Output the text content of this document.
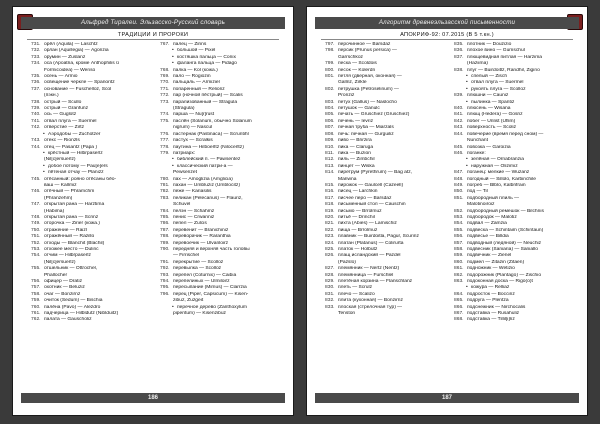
Альфред Тиралеи. Эльзасско-Русский словарь
ТРАДИЦИИ И ПРОРОКИ
731. орёл (Aquila) — Laschtz
732. орлан (Aquillegia) — Agonzia
733. орумин — Zuslanz
734. оса (Apoatria, кроме Anthophilis ü
Formicoidea) — Wenso
735. осень — Armio
736. освещение черкле — Spanoritz
737. основание — Fuschelloz, Scol
(пэкн.)
738. острый — Scullo
739. острый — Granfunz
740. ось — Guglotz
741. отвал плуга — Suermel
742. отверстие — Zirtz
• Аэродобы — Zuchotzer
743. отекс — Rionzls
744. отец — Pasantz (Papa )
• крёстный — Hilbrpaserlz
(Nil[c]ersuerlz)
• добое потому — Pau[e]ers
• пётеная отчау — Planizz
745. отёсанный: рояно отёсаны бёо-
ваш — Kallmiz
746. отёчный — Phramchm
(Phranzehm)
747. открытая рана — Harztima
(Habima)
748. открытая рана — Scrinz
749. оторочка — Zirier (кожа.)
750. отражение — Raizl
751. отражённый — Razillo
752. отходы — Blanchit (Blachil)
753. отхожее место — Dulinc
754. отчим — Hilbrpaserlz
(Nil[c]ersuerlz)
755. отшельник — Ottrochel,
Phallocher
756. офицер — Dratiz
757. охотник — Beluziz
758. очаг — Bonzirnz
759. очиток (Sedum) — Bischia
760. палёна (Pavo) — Alezdro
761. падчерица — Hilbldutz (Niblduitz)
762. палата — Gauscholiz
767. палец — Zirins
• большой — Pixel
• костяшка пальца — Conix
• фаланга пальца — Pidago
768. палка — Kol (кожа.)
769. пало — Rogiozin
770. пальцаль — Armiziel
771. попаренный — Relionz
772. пар (ночной пёстрый) — Scalis
773. парализованный — Stragula
(Stragula)
774. парша — Nu[r]rust
775. паслён (Solanum, обычно Solanum
nigrum) — Nascul
776. пастернак (Pastinaca) — Scruntihl
777. пастух — Scralkis
778. паутина — Hilboerltz (Nilocerltz)
779. патриарх:
• библейский п. — Pawsentez
• классический патри-а —
Pewsenzet
780. пах — Amoglizia (Amglicia)
781. пахан — Umbluziz (Umblocitz)
782. пеже — Kariasilis
783. пеликан (Pelecanus) — Flauriz,
Schuvel
784. пелэн — Schahmz
785. пенис — Crwanniz
786. пепел — Zulcis
787. перевенит — Branichiniz
788. переворачик — Raranthia
789. перевоечик — Ulvanloirz
790. передняя и верхняя часть головы
— Firrischel
791. перекрытие — Scolloz
792. перевылка — Scolloz
793. перепел (Coturnix) — Caibia
794. перепелиных — Ulmiloirz
795. пересыпание (Mimus) — Clarrzia
796. перец (Piper, Capsicum) — Kisen-
zibuz, Zuzgeit
• перечное дерево (Zanthoxylum
piperitum) — Kisenzibuz
186
Алгоритм древнеэльзасской письменности
АПОКРИФ-92: 07.2015 (В 5 т.кн.)
797. перочинное — Barsdaz
798. персик (Prunus persica) —
Garrschkoz
799. песка — Scoldois
800. песок — Kolerdn
801. петля (дверная, оконная) —
Gallnz, Zirkle
802. петрушка (Petroselinum) —
Pronziz
803. петух (Gallus) — Naslocho
804. петушок — Ganulc
805. печать — Gruschiez (Gruschiez)
806. печень — Ievriz
807. печная труба — Miarzals
808. печь: печная — Gurguiliz
809. пиво — Brirzira
810. пика — Claruga
811. пика — Buzion
812. пиль — Zimbchil
813. пинцет — Wiska
814. пиретрум (Pyrethrum) — Bag atz,
Mariwna
815. пирожок — Gaulcell (Cazeell)
816. писец — Larchkin
817. писчее перо — Barsdaz
818. письменный стол — Causchin
819. письмо — Brrolmuz
820. питьё — Drinchil
821. пихта (Abies) — Lamischiz
822. пища — Brrolmuz
823. плавник — Buirdoitla, Pagur, Scurinz
824. платан (Platanus) — Colirurta
825. платок — Holbutz
826. плащ исландский — Pazdel
(Pazslo)
827. племянник — Nertz (Nentz)
828. племянница — Furschlel
829. плетёная корзина — Flanschlanz
830. плеть — Scrulz
831. плечо — Scalizo
832. плита (кухонная) — Bonzirnz
833. плоская (стрелочная тур) —
Tenston
835. плотник — Douzizio
836. плохое вино — Gumschul
837. плющевидная питлая — Harzima
(Haziima)
838. плуг — Buirdoitlz, Randhil, Zigino
• спелый — Zisch
• отвал плуга — Suermel
• рукоять плуга — Scolloz
839. плюшни — Cauniz
• пылинка — Spantiz
840. плюсень — Wisana
841. плющ (Hedera) — Gosriz
842. побег — Unlist (Uflim)
843. поверхность — Scoliz
844. повечерие (время перед сном) —
Nunchant
845. повозка — Garoizia
846. поганке:
• зелёная — Ornabranzia
• наружная — Olizimiz
847. поганец: мелкие — Wuzanz
848. погодный — Sillolo, Karbinchile
849. погреб — Blblo, Kalbrifrain
850. под — Til
851. подбородный плиль —
Malotinoiroiz
852. подбородный ремешок — Bilchnis
853. подбородок — Malotiz
854. подвал — Zamzia
855. подвеска — Schintaim (Schintaun)
856. подвесье — Billdia
857. подводный (ледяной) — Neuchiz
858. подвесник (Saniaria) — Saniallo
859. подвечник — Zienel
860. подмел — Zitazin (Zitaen)
861. подножник — Wetizio
862. подорожник (Plantago) — Zischio
863. подоконная доска — Rigo(o)t
• кожура — Relliaz
864. подросток — Boccinz
865. подруга — Plentza
866. подснежник — Nirchocalis
867. подставка — Rusahuliz
868. подставка — Tillil[i]riz
187
